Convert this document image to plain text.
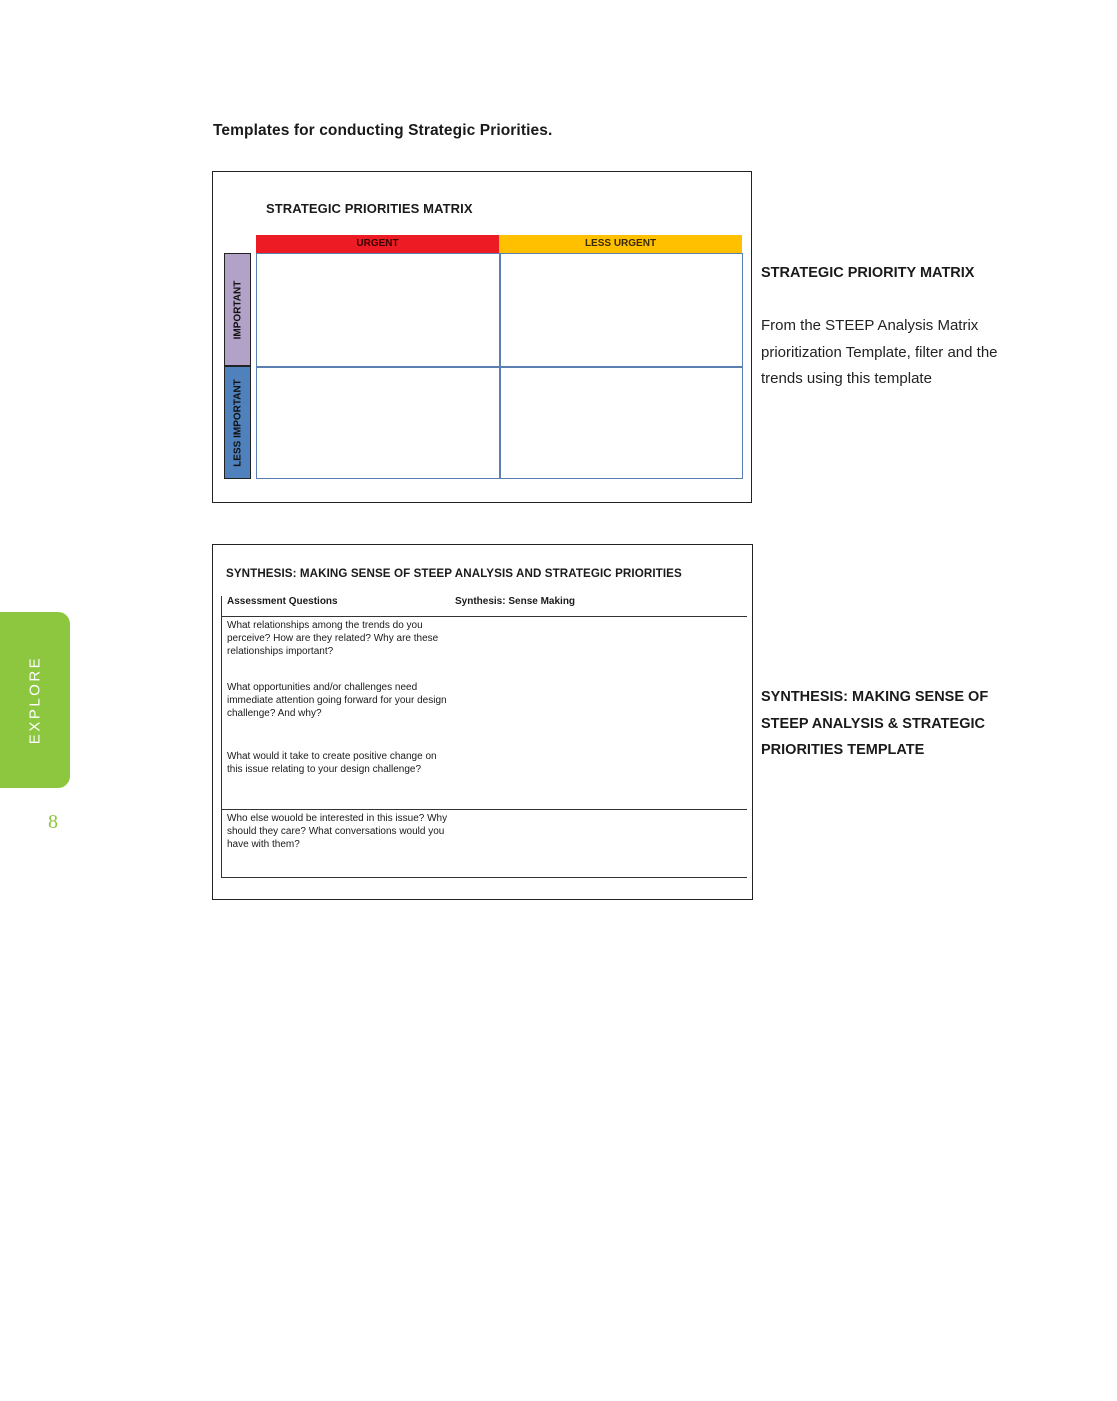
Templates for conducting Strategic Priorities.
STRATEGIC PRIORITIES MATRIX
URGENT	LESS URGENT
IMPORTANT
LESS IMPORTANT
STRATEGIC PRIORITY MATRIX
From the STEEP Analysis Matrix prioritization Template, filter and the trends using this template
SYNTHESIS: MAKING SENSE OF STEEP ANALYSIS AND STRATEGIC PRIORITIES
Assessment Questions	Synthesis: Sense Making
What relationships among the trends do you perceive? How are they related? Why are these relationships important?
What opportunities and/or challenges need immediate attention going forward for your design challenge? And why?
What would it take to create positive change on this issue relating to your design challenge?
Who else wouold be interested in this issue? Why should they care? What conversations would you have with them?
SYNTHESIS: MAKING SENSE OF
STEEP ANALYSIS & STRATEGIC
PRIORITIES TEMPLATE
EXPLORE
8
